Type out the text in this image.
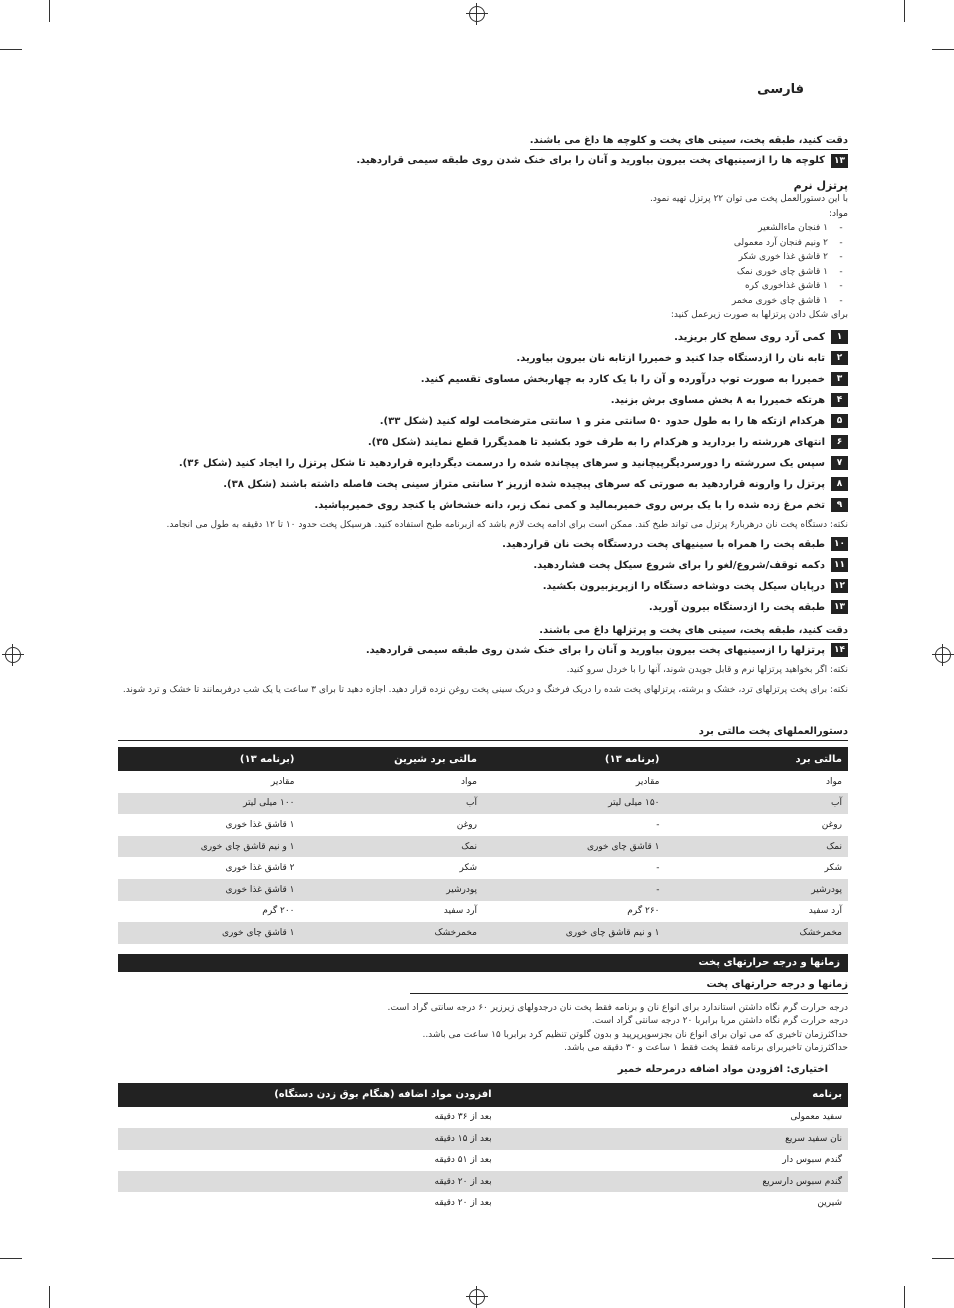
فارسی
دقت کنید، طبقه پخت، سینی های پخت و کلوچه ها داغ می باشند.
۱۳
کلوچه ها را ازسینیهای پخت بیرون بیاورید و آنان را برای خنک شدن روی طبقه سیمی قراردهید.
پرتزل نرم
با این دستورالعمل پخت می توان ۲۲ پرتزل تهیه نمود.
مواد:
-۱ فنجان ماءالشعیر
-۲ ونیم فنجان آرد معمولی
-۲ قاشق غذا خوری شکر
-۱ قاشق چای خوری نمک
-۱ قاشق غذاخوری کره
-۱ قاشق چای خوری مخمر
برای شکل دادن پرتزلها به صورت زیرعمل کنید:
۱
کمی آرد روی سطح کار بریزید.
۲
تابه نان را ازدستگاه جدا کنید و خمیررا ازتابه نان بیرون بیاورید.
۳
خمیررا به صورت توپ درآورده و آن را با یک کارد به چهاربخش مساوی تقسیم کنید.
۴
هرتکه خمیررا به ۸ بخش مساوی برش بزنید.
۵
هرکدام ازتکه ها را به طول حدود ۵۰ سانتی متر و ۱ سانتی مترضخامت لوله کنید (شکل ۳۳).
۶
انتهای هررشته را بردارید و هرکدام را به طرف خود بکشید تا همدیگررا قطع نمایند (شکل ۳۵).
۷
سپس یک سررشته را دورسردیگرپیچانید و سرهای پیچانده شده را درسمت دیگردایره قراردهید تا شکل پرتزل را ایجاد کنید (شکل ۳۶).
۸
پرتزل را وارونه قراردهید به صورتی که سرهای پیچیده شده ازریز ۲ سانتی متراز سینی پخت فاصله داشته باشند (شکل ۳۸).
۹
تخم مرغ زده شده را با یک برس روی خمیربمالید و کمی نمک زبر، دانه خشخاش یا کنجد روی خمیربپاشید.
نکته: دستگاه پخت نان درهربار۶ پرتزل می تواند طبخ کند. ممکن است برای ادامه پخت لازم باشد که ازبرنامه طبخ استفاده کنید. هرسیکل پخت حدود ۱۰ تا ۱۲ دقیقه به طول می انجامد.
۱۰
طبقه پخت را همراه با سینیهای پخت دردستگاه پخت نان قراردهید.
۱۱
دکمه توقف/شروع/لغو را برای شروع سیکل پخت فشاردهید.
۱۲
درپایان سیکل پخت دوشاخه دستگاه را ازپریزبیرون بکشید.
۱۳
طبقه پخت را ازدستگاه بیرون آورید.
دقت کنید، طبقه پخت، سینی های پخت و پرتزلها داغ می باشند.
۱۴
پرتزلها را ازسینیهای پخت بیرون بیاورید و آنان را برای خنک شدن روی طبقه سیمی قراردهید.
نکته: اگر بخواهید پرتزلها نرم و قابل جویدن شوند، آنها را با خردل سرو کنید.
نکته: برای پخت پرتزلهای ترد، خشک و برشته، پرتزلهای پخت شده را دریک فرخنگ و دریک سینی پخت روغن نزده قرار دهید. اجازه دهید تا برای ۳ ساعت یا یک شب درفربمانند تا خشک و ترد شوند.
دستورالعملهای پخت مالتی برد
مالتی برد	(برنامه ۱۳)	مالتی برد شیرین	(برنامه ۱۳)
مواد	مقادیر	مواد	مقادیر
آب	۱۵۰ میلی لیتر	آب	۱۰۰ میلی لیتر
روغن	-	روغن	۱ قاشق غذا خوری
نمک	۱ قاشق چای خوری	نمک	۱ و نیم قاشق چای خوری
شکر	-	شکر	۲ قاشق غذا خوری
پودرشیر	-	پودرشیر	۱ قاشق غذا خوری
آرد سفید	۲۶۰ گرم	آرد سفید	۲۰۰ گرم
مخمرخشک	۱ و نیم قاشق چای خوری	مخمرخشک	۱ قاشق چای خوری
زمانها و درجه حرارتهای پخت
زمانها و درجه حرارتهای پخت
درجه حرارت گرم نگاه داشتن استاندارد برای انواع نان و برنامه فقط پخت نان درجدولهای زیرزیر ۶۰ درجه سانتی گراد است.
درجه حرارت گرم نگاه داشتن مربا برابربا ۲۰ درجه سانتی گراد است.
حداکثرزمان تاخیری که می توان برای انواع نان بجزسوپرپرپید و بدون گلوتن تنظیم کرد برابربا ۱۵ ساعت می باشد..
حداکثرزمان تاخیربرای برنامه فقط پخت فقط ۱ ساعت و ۳۰ دقیقه می باشد.
اختیاری: افزودن مواد اضافه درمرحله خمیر
برنامه	افزودن مواد اضافه (هنگام بوق زدن دستگاه)
سفید معمولی	بعد از ۳۶ دقیقه
نان سفید سریع	بعد از ۱۵ دقیقه
گندم سبوس دار	بعد از ۵۱ دقیقه
گندم سبوس دارسریع	بعد از ۲۰ دقیقه
شیرین	بعد از ۲۰ دقیقه
